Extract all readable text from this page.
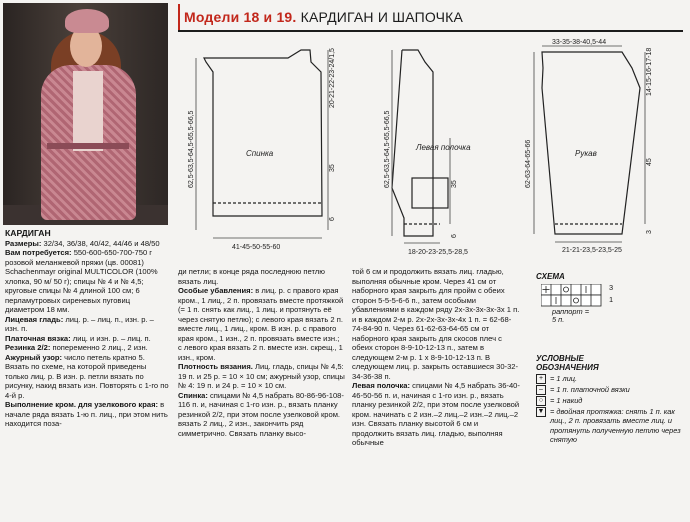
Модели 18 и 19. КАРДИГАН И ШАПОЧКА
Спинка
62,5-63,5-64,5-65,5-66,5
20-21-22-23-24/1,5
35
6
41-45-50-55-60
Левая полочка
62,5-63,5-64,5-65,5-66,5	35
6
18-20-23-25,5-28,5
Рукав
33-35-38-40,5-44
14-15-16-17-18
62-63-64-65-66	45
3
21-21-23,5-23,5-25

КАРДИГАН

Размеры: 32/34, 36/38, 40/42, 44/46 и 48/50

Вам потребуется: 550-600-650-700-750 г розовой меланжевой пряжи (цв. 00081) Schachenmayr original MULTICOLOR (100% хлопка, 90 м/ 50 г); спицы № 4 и № 4,5; круговые спицы № 4 длиной 100 см; 6 перламутровых сиреневых пуговиц диаметром 18 мм.

Лицевая гладь: лиц. р. – лиц. п., изн. р. – изн. п.

Платочная вязка: лиц. и изн. р. – лиц. п.

Резинка 2/2: попеременно 2 лиц., 2 изн.

Ажурный узор: число петель кратно 5. Вязать по схеме, на которой приведены только лиц. р. В изн. р. петли вязать по рисунку, накид вязать изн. Повторять с 1-го по 4-й р.

Выполнение кром. для узелкового края: в начале ряда вязать 1-ю п. лиц., при этом нить находится поза-

ди петли; в конце ряда последнюю петлю вязать лиц.

Особые убавления: в лиц. р. с правого края кром., 1 лиц., 2 п. провязать вместе протяжкой (= 1 п. снять как лиц., 1 лиц. и протянуть её через снятую петлю); с левого края вязать 2 п. вместе лиц., 1 лиц., кром. В изн. р. с правого края кром., 1 изн., 2 п. провязать вместе изн.; с левого края вязать 2 п. вместе изн. скрещ., 1 изн., кром.

Плотность вязания. Лиц. гладь, спицы № 4,5: 19 п. и 25 р. = 10 × 10 см; ажурный узор, спицы № 4: 19 п. и 24 р. = 10 × 10 см.

Спинка: спицами № 4,5 набрать 80-86-96-108-116 п. и, начиная с 1-го изн. р., вязать планку резинкой 2/2, при этом после узелковой кром. вязать 2 лиц., 2 изн., закончить ряд симметрично. Связать планку высо-

той 6 см и продолжить вязать лиц. гладью, выполняя обычные кром. Через 41 см от наборного края закрыть для пройм с обеих сторон 5-5-5-6-6 п., затем особыми убавлениями в каждом ряду 2х-3х-3х-3х-3х 1 п. и в каждом 2-м р. 2х-2х-3х-3х-4х 1 п. = 62-68-74-84-90 п. Через 61-62-63-64-65 см от наборного края закрыть для скосов плеч с обеих сторон 8-9-10-12-13 п., затем в следующем 2-м р. 1 х 8-9-10-12-13 п. В следующем лиц. р. закрыть оставшиеся 30-32-34-36-38 п.

Левая полочка: спицами № 4,5 набрать 36-40-46-50-56 п. и, начиная с 1-го изн. р., вязать планку резинкой 2/2, при этом после узелковой кром. начинать с 2 изн.–2 лиц.–2 изн.–2 лиц.–2 изн. Связать планку высотой 6 см и продолжить вязать лиц. гладью, выполняя обычные

СХЕМА
3
1
раппорт = 5 п.
УСЛОВНЫЕ ОБОЗНАЧЕНИЯ
+ = 1 лиц.
– = 1 п. платочной вязки
○ = 1 накид
▼ = двойная протяжка: снять 1 п. как лиц., 2 п. провязать вместе лиц. и протянуть полученную петлю через снятую
